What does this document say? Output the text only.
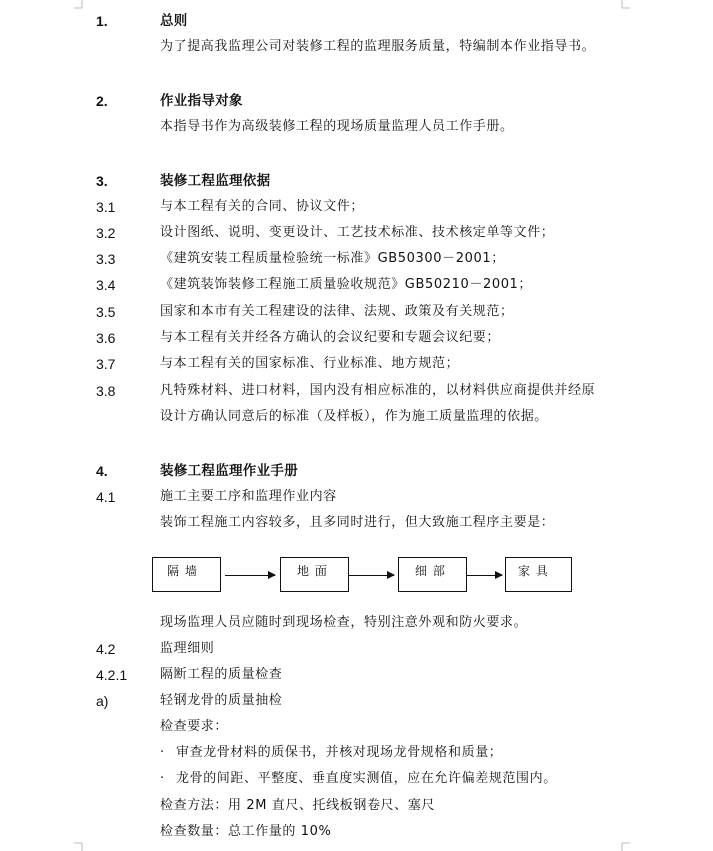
1.	总则
为了提高我监理公司对装修工程的监理服务质量，特编制本作业指导书。
2.	作业指导对象
本指导书作为高级装修工程的现场质量监理人员工作手册。
3.	装修工程监理依据
3.1	与本工程有关的合同、协议文件；
3.2	设计图纸、说明、变更设计、工艺技术标准、技术核定单等文件；
3.3	《建筑安装工程质量检验统一标准》GB50300－2001；
3.4	《建筑装饰装修工程施工质量验收规范》GB50210－2001；
3.5	国家和本市有关工程建设的法律、法规、政策及有关规范；
3.6	与本工程有关并经各方确认的会议纪要和专题会议纪要；
3.7	与本工程有关的国家标准、行业标准、地方规范；
3.8	凡特殊材料、进口材料，国内没有相应标准的，以材料供应商提供并经原
设计方确认同意后的标准（及样板），作为施工质量监理的依据。
4.	装修工程监理作业手册
4.1	施工主要工序和监理作业内容
装饰工程施工内容较多，且多同时进行，但大致施工程序主要是：
隔 墙	地 面	细 部	家 具
现场监理人员应随时到现场检查，特别注意外观和防火要求。
4.2	监理细则
4.2.1	隔断工程的质量检查
a)	轻钢龙骨的质量抽检
检查要求：
· 审查龙骨材料的质保书，并核对现场龙骨规格和质量；
· 龙骨的间距、平整度、垂直度实测值，应在允许偏差规范围内。
检查方法：用 2M 直尺、托线板钢卷尺、塞尺
检查数量：总工作量的 10%
